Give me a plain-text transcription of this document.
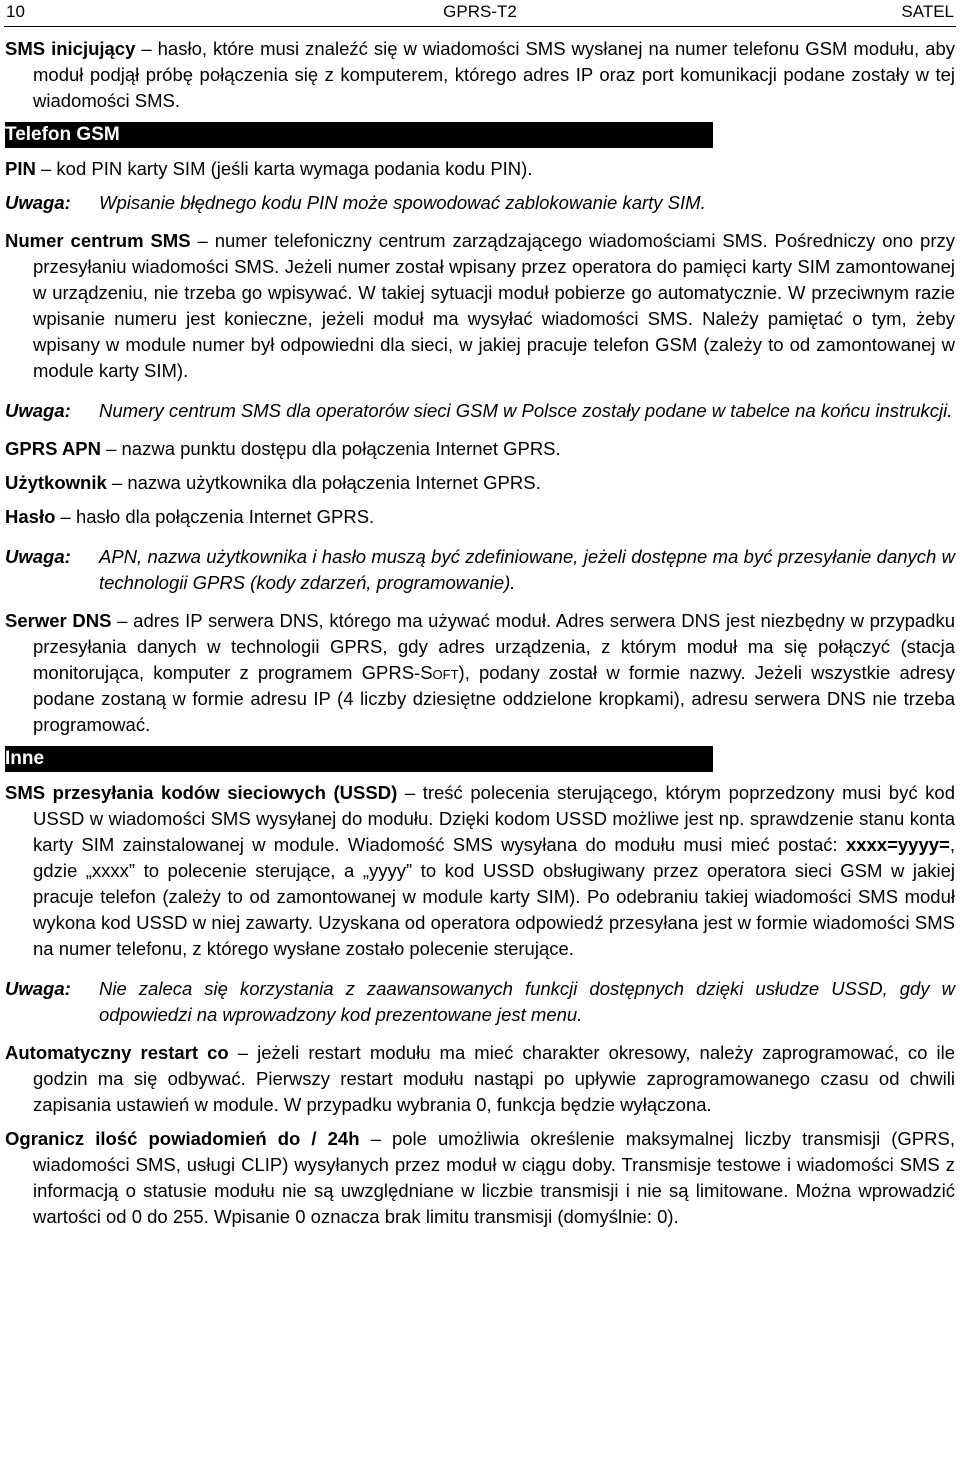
10	GPRS-T2	SATEL

SMS inicjujący – hasło, które musi znaleźć się w wiadomości SMS wysłanej na numer telefonu GSM modułu, aby moduł podjął próbę połączenia się z komputerem, którego adres IP oraz port komunikacji podane zostały w tej wiadomości SMS.

Telefon GSM

PIN – kod PIN karty SIM (jeśli karta wymaga podania kodu PIN).

Uwaga:	Wpisanie błędnego kodu PIN może spowodować zablokowanie karty SIM.

Numer centrum SMS – numer telefoniczny centrum zarządzającego wiadomościami SMS. Pośredniczy ono przy przesyłaniu wiadomości SMS. Jeżeli numer został wpisany przez operatora do pamięci karty SIM zamontowanej w urządzeniu, nie trzeba go wpisywać. W takiej sytuacji moduł pobierze go automatycznie. W przeciwnym razie wpisanie numeru jest konieczne, jeżeli moduł ma wysyłać wiadomości SMS. Należy pamiętać o tym, żeby wpisany w module numer był odpowiedni dla sieci, w jakiej pracuje telefon GSM (zależy to od zamontowanej w module karty SIM).

Uwaga:	Numery centrum SMS dla operatorów sieci GSM w Polsce zostały podane w tabelce na końcu instrukcji.

GPRS APN – nazwa punktu dostępu dla połączenia Internet GPRS.

Użytkownik – nazwa użytkownika dla połączenia Internet GPRS.

Hasło – hasło dla połączenia Internet GPRS.

Uwaga:	APN, nazwa użytkownika i hasło muszą być zdefiniowane, jeżeli dostępne ma być przesyłanie danych w technologii GPRS (kody zdarzeń, programowanie).

Serwer DNS – adres IP serwera DNS, którego ma używać moduł. Adres serwera DNS jest niezbędny w przypadku przesyłania danych w technologii GPRS, gdy adres urządzenia, z którym moduł ma się połączyć (stacja monitorująca, komputer z programem GPRS-Soft), podany został w formie nazwy. Jeżeli wszystkie adresy podane zostaną w formie adresu IP (4 liczby dziesiętne oddzielone kropkami), adresu serwera DNS nie trzeba programować.

Inne

SMS przesyłania kodów sieciowych (USSD) – treść polecenia sterującego, którym poprzedzony musi być kod USSD w wiadomości SMS wysyłanej do modułu. Dzięki kodom USSD możliwe jest np. sprawdzenie stanu konta karty SIM zainstalowanej w module. Wiadomość SMS wysyłana do modułu musi mieć postać: xxxx=yyyy=, gdzie „xxxx” to polecenie sterujące, a „yyyy” to kod USSD obsługiwany przez operatora sieci GSM w jakiej pracuje telefon (zależy to od zamontowanej w module karty SIM). Po odebraniu takiej wiadomości SMS moduł wykona kod USSD w niej zawarty. Uzyskana od operatora odpowiedź przesyłana jest w formie wiadomości SMS na numer telefonu, z którego wysłane zostało polecenie sterujące.

Uwaga:	Nie zaleca się korzystania z zaawansowanych funkcji dostępnych dzięki usłudze USSD, gdy w odpowiedzi na wprowadzony kod prezentowane jest menu.

Automatyczny restart co – jeżeli restart modułu ma mieć charakter okresowy, należy zaprogramować, co ile godzin ma się odbywać. Pierwszy restart modułu nastąpi po upływie zaprogramowanego czasu od chwili zapisania ustawień w module. W przypadku wybrania 0, funkcja będzie wyłączona.

Ogranicz ilość powiadomień do / 24h – pole umożliwia określenie maksymalnej liczby transmisji (GPRS, wiadomości SMS, usługi CLIP) wysyłanych przez moduł w ciągu doby. Transmisje testowe i wiadomości SMS z informacją o statusie modułu nie są uwzględniane w liczbie transmisji i nie są limitowane. Można wprowadzić wartości od 0 do 255. Wpisanie 0 oznacza brak limitu transmisji (domyślnie: 0).
